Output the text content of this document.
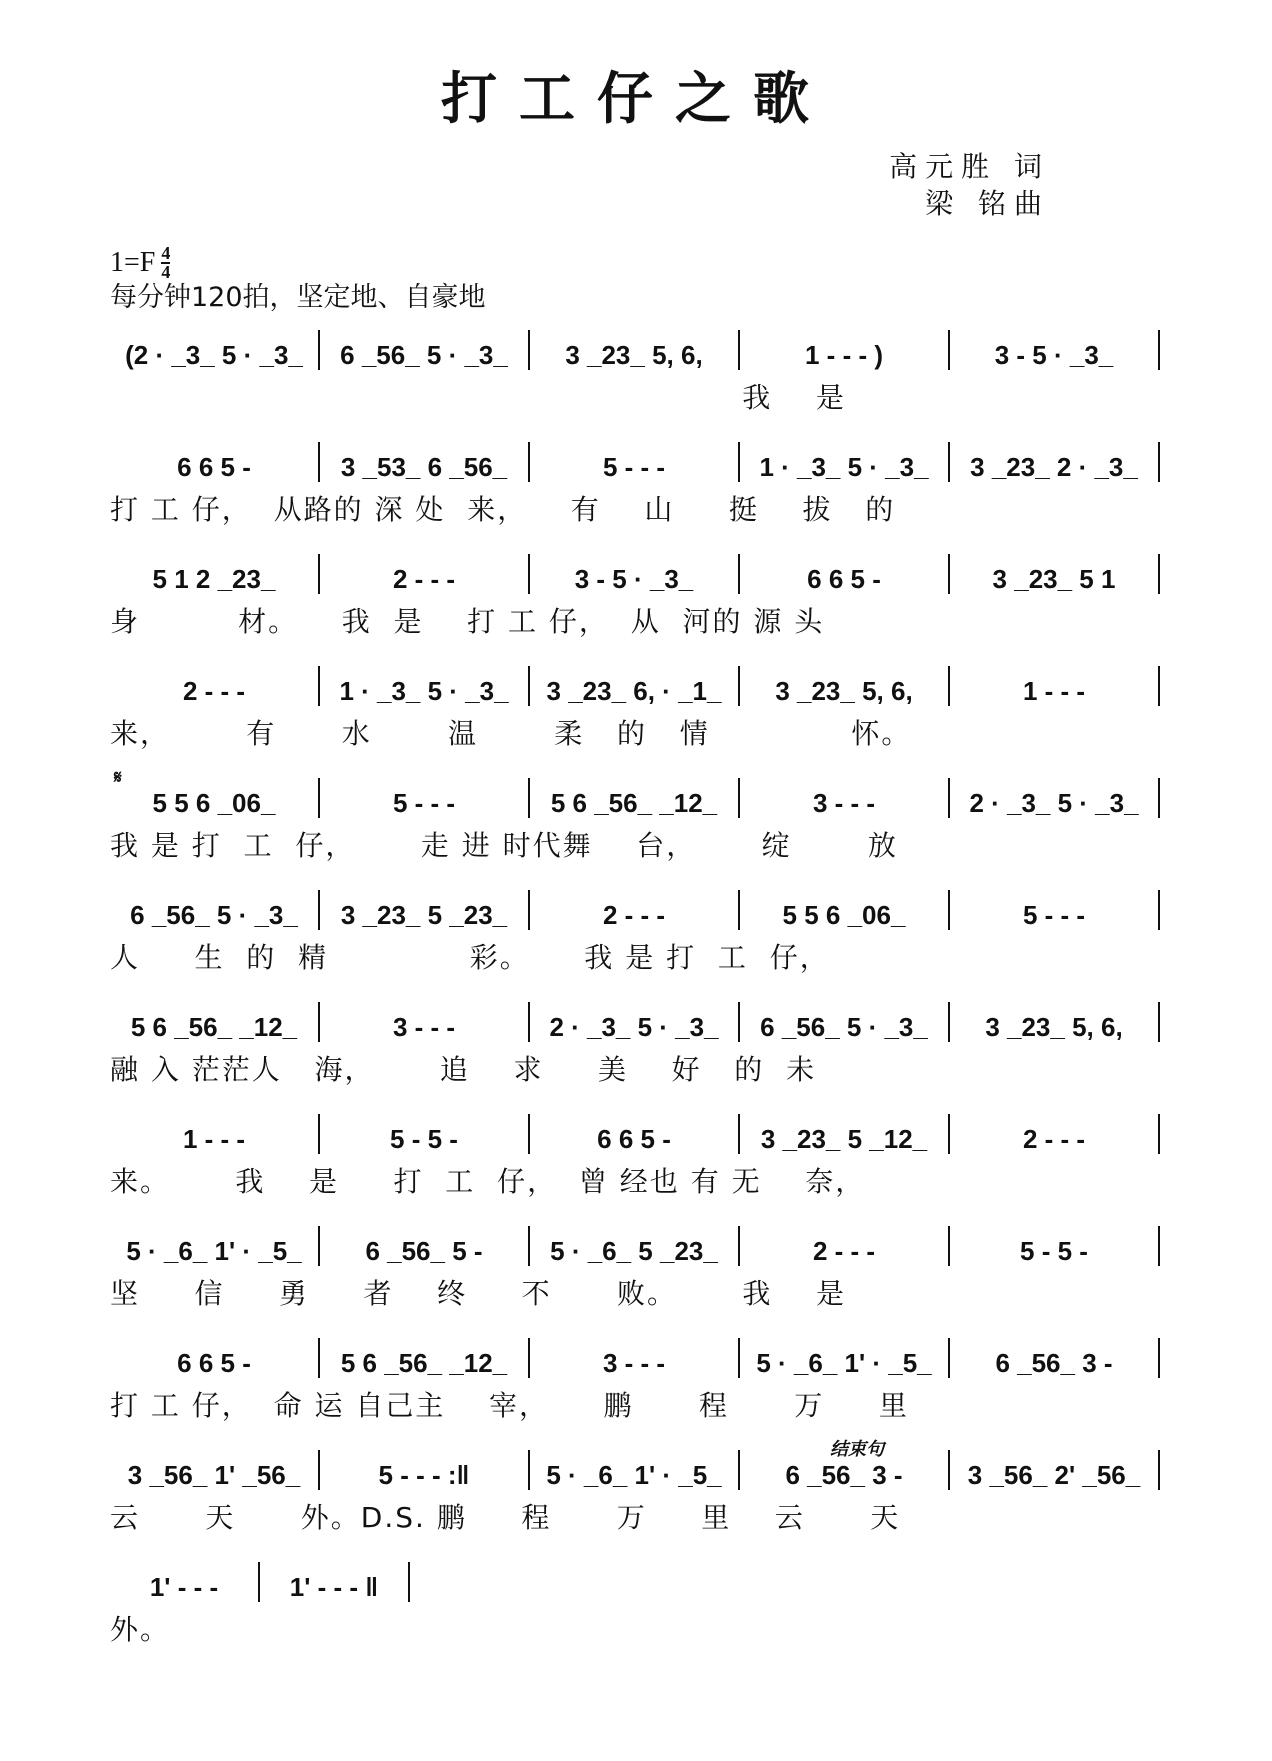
打工仔之歌
高元胜 词
梁 铭曲
$1=F \frac{4}{4}$
每分钟120拍，坚定地、自豪地
(2 · _3_ 5 · _3_	6 _56_ 5 · _3_	3 _23_ 5, 6,	1 - - - )	3 - 5 · _3_
我    是
6 6 5 -	3 _53_ 6 _56_	5 - - -	1 · _3_ 5 · _3_	3 _23_ 2 · _3_
打 工 仔，  从路的 深 处  来，    有    山     挺    拔   的
5 1 2 _23_	2 - - -	3 - 5 · _3_	6 6 5 -	3 _23_ 5 1
身         材。    我  是    打 工 仔，  从  河的 源 头
2 - - -	1 · _3_ 5 · _3_	3 _23_ 6, · _1_	3 _23_ 5, 6,	1 - - -
来，       有      水       温       柔   的   情             怀。
𝄋
5 5 6 _06_	5 - - -	5 6 _56_ _12_	3 - - -	2 · _3_ 5 · _3_
我 是 打  工  仔，      走 进 时代舞    台，      绽       放
6 _56_ 5 · _3_	3 _23_ 5 _23_	2 - - -	5 5 6 _06_	5 - - -
人     生  的  精             彩。     我 是 打  工  仔，
5 6 _56_ _12_	3 - - -	2 · _3_ 5 · _3_	6 _56_ 5 · _3_	3 _23_ 5, 6,
融 入 茫茫人   海，      追    求     美    好   的  未
1 - - -	5 - 5 -	6 6 5 -	3 _23_ 5 _12_	2 - - -
来。      我    是     打  工  仔，  曾 经也 有 无    奈，
5 · _6_ 1' · _5_	6 _56_ 5 -	5 · _6_ 5 _23_	2 - - -	5 - 5 -
坚     信     勇     者    终     不      败。      我    是
6 6 5 -	5 6 _56_ _12_	3 - - -	5 · _6_ 1' · _5_	6 _56_ 3 -
打 工 仔，  命 运 自己主    宰，     鹏      程      万     里
结束句
3 _56_ 1' _56_	5 - - - :‖	5 · _6_ 1' · _5_	6 _56_ 3 -	3 _56_ 2' _56_
云      天      外。D.S. 鹏     程      万     里    云      天
1' - - -	1' - - - ‖
外。
